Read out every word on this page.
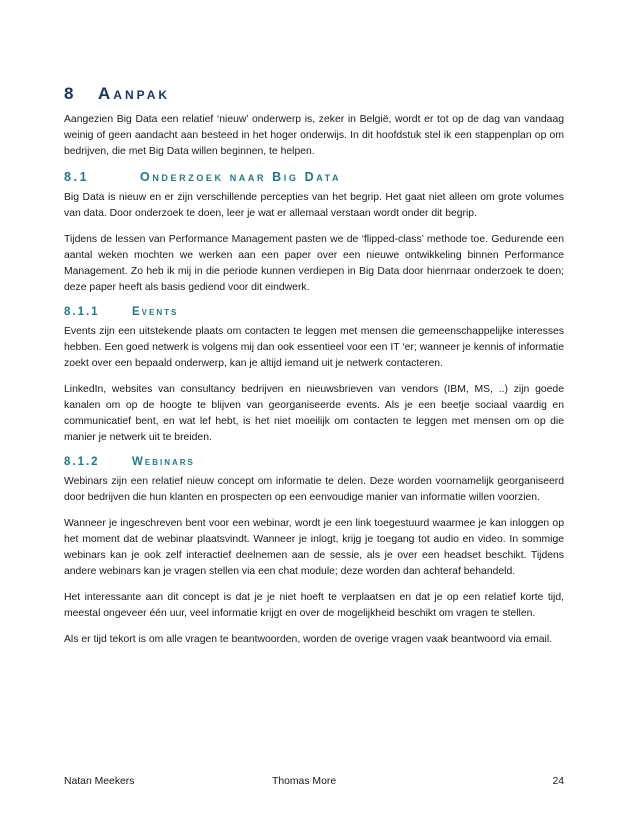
8 Aanpak

Aangezien Big Data een relatief ‘nieuw’ onderwerp is, zeker in België, wordt er tot op de dag van vandaag weinig of geen aandacht aan besteed in het hoger onderwijs. In dit hoofdstuk stel ik een stappenplan op om bedrijven, die met Big Data willen beginnen, te helpen.

8.1	Onderzoek naar Big Data

Big Data is nieuw en er zijn verschillende percepties van het begrip. Het gaat niet alleen om grote volumes van data. Door onderzoek te doen, leer je wat er allemaal verstaan wordt onder dit begrip.

Tijdens de lessen van Performance Management pasten we de ‘flipped-class’ methode toe. Gedurende een aantal weken mochten we werken aan een paper over een nieuwe ontwikkeling binnen Performance Management. Zo heb ik mij in die periode kunnen verdiepen in Big Data door hienrnaar onderzoek te doen; deze paper heeft als basis gediend voor dit eindwerk.

8.1.1	Events

Events zijn een uitstekende plaats om contacten te leggen met mensen die gemeenschappelijke interesses hebben. Een goed netwerk is volgens mij dan ook essentieel voor een IT ‘er; wanneer je kennis of informatie zoekt over een bepaald onderwerp, kan je altijd iemand uit je netwerk contacteren.

LinkedIn, websites van consultancy bedrijven en nieuwsbrieven van vendors (IBM, MS, ..) zijn goede kanalen om op de hoogte te blijven van georganiseerde events. Als je een beetje sociaal vaardig en communicatief bent, en wat lef hebt, is het niet moeilijk om contacten te leggen met mensen om op die manier je netwerk uit te breiden.

8.1.2	Webinars

Webinars zijn een relatief nieuw concept om informatie te delen. Deze worden voornamelijk georganiseerd door bedrijven die hun klanten en prospecten op een eenvoudige manier van informatie willen voorzien.

Wanneer je ingeschreven bent voor een webinar, wordt je een link toegestuurd waarmee je kan inloggen op het moment dat de webinar plaatsvindt. Wanneer je inlogt, krijg je toegang tot audio en video. In sommige webinars kan je ook zelf interactief deelnemen aan de sessie, als je over een headset beschikt. Tijdens andere webinars kan je vragen stellen via een chat module; deze worden dan achteraf behandeld.

Het interessante aan dit concept is dat je je niet hoeft te verplaatsen en dat je op een relatief korte tijd, meestal ongeveer één uur, veel informatie krijgt en over de mogelijkheid beschikt om vragen te stellen.

Als er tijd tekort is om alle vragen te beantwoorden, worden de overige vragen vaak beantwoord via email.

Natan Meekers	Thomas More	24
